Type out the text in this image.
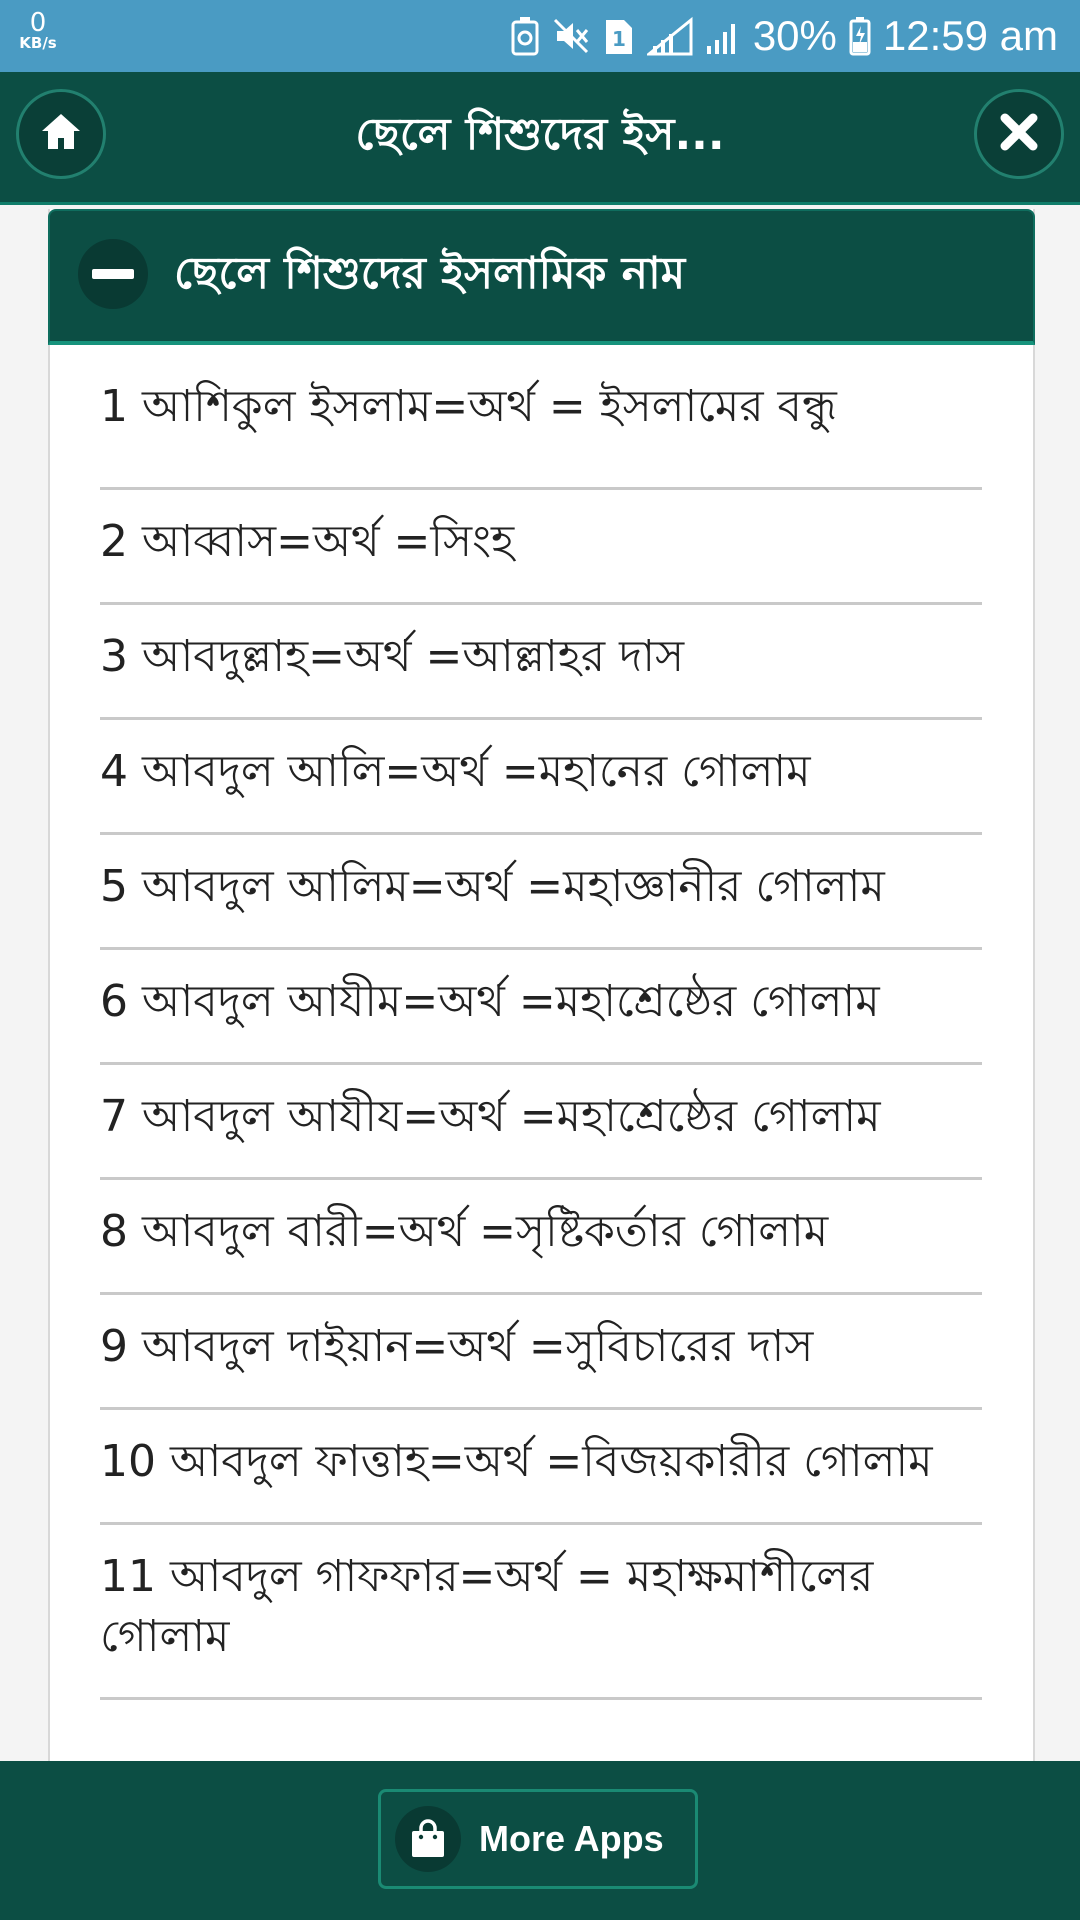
0
KB/s	1	30% 12:59 am
ছেলে শিশুদের ইস...
ছেলে শিশুদের ইসলামিক নাম
1 আশিকুল ইসলাম=অর্থ = ইসলামের বন্ধু
2 আব্বাস=অর্থ =সিংহ
3 আবদুল্লাহ=অর্থ =আল্লাহর দাস
4 আবদুল আলি=অর্থ =মহানের গোলাম
5 আবদুল আলিম=অর্থ =মহাজ্ঞানীর গোলাম
6 আবদুল আযীম=অর্থ =মহাশ্রেষ্ঠের গোলাম
7 আবদুল আযীয=অর্থ =মহাশ্রেষ্ঠের গোলাম
8 আবদুল বারী=অর্থ =সৃষ্টিকর্তার গোলাম
9 আবদুল দাইয়ান=অর্থ =সুবিচারের দাস
10 আবদুল ফাত্তাহ=অর্থ =বিজয়কারীর গোলাম
11 আবদুল গাফফার=অর্থ = মহাক্ষমাশীলের গোলাম
More Apps
